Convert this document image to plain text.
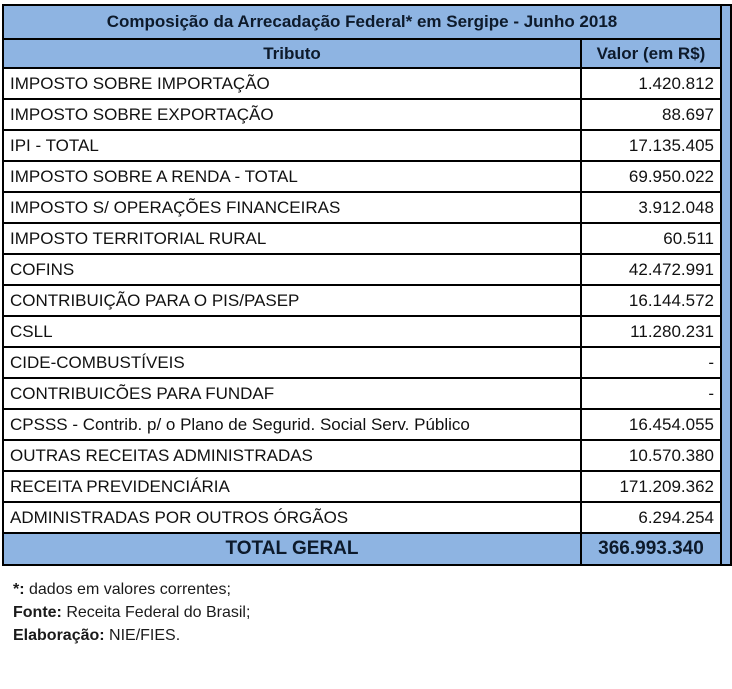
Composição da Arrecadação Federal* em Sergipe - Junho 2018		
Tributo	Valor (em R$)	
IMPOSTO SOBRE IMPORTAÇÃO	1.420.812	
IMPOSTO SOBRE EXPORTAÇÃO	88.697	
IPI - TOTAL	17.135.405	
IMPOSTO SOBRE A RENDA - TOTAL	69.950.022	
IMPOSTO S/ OPERAÇÕES FINANCEIRAS	3.912.048	
IMPOSTO TERRITORIAL RURAL	60.511	
COFINS	42.472.991	
CONTRIBUIÇÃO PARA O PIS/PASEP	16.144.572	
CSLL	11.280.231	
CIDE-COMBUSTÍVEIS	-	
CONTRIBUICÕES PARA FUNDAF	-	
CPSSS - Contrib. p/ o Plano de Segurid. Social Serv. Público	16.454.055	
OUTRAS RECEITAS ADMINISTRADAS	10.570.380	
RECEITA PREVIDENCIÁRIA	171.209.362	
ADMINISTRADAS POR OUTROS ÓRGÃOS	6.294.254	
TOTAL GERAL	366.993.340	
*: dados em valores correntes;
Fonte: Receita Federal do Brasil;
Elaboração: NIE/FIES.
